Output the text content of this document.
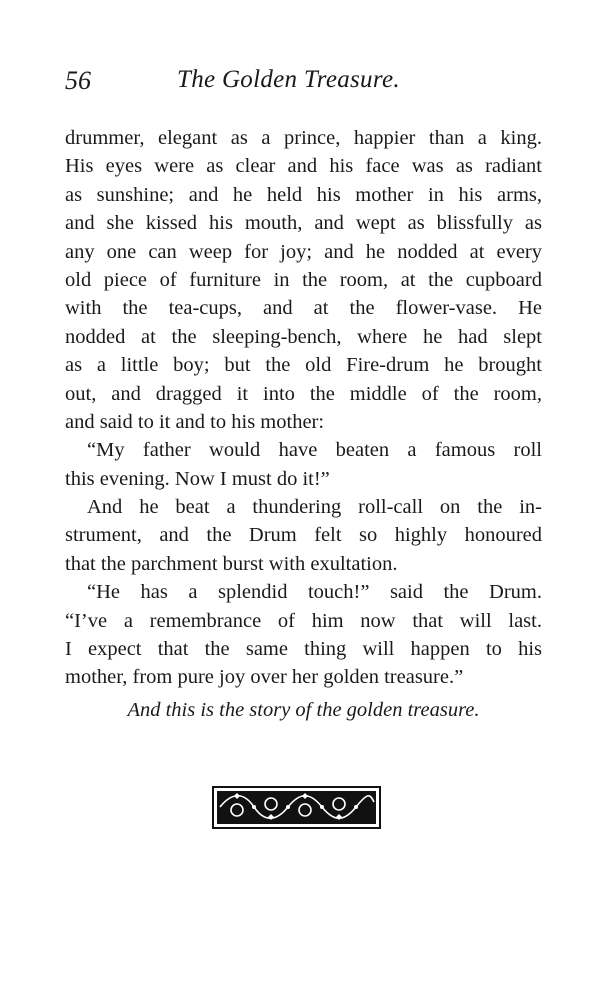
56	The Golden Treasure.
drummer, elegant as a prince, happier than a king.
His eyes were as clear and his face was as radiant
as sunshine; and he held his mother in his arms,
and she kissed his mouth, and wept as blissfully as
any one can weep for joy; and he nodded at every
old piece of furniture in the room, at the cupboard
with the tea-cups, and at the flower-vase. He
nodded at the sleeping-bench, where he had slept
as a little boy; but the old Fire-drum he brought
out, and dragged it into the middle of the room,
and said to it and to his mother:
“My father would have beaten a famous roll
this evening. Now I must do it!”
And he beat a thundering roll-call on the in-
strument, and the Drum felt so highly honoured
that the parchment burst with exultation.
“He has a splendid touch!” said the Drum.
“I’ve a remembrance of him now that will last.
I expect that the same thing will happen to his
mother, from pure joy over her golden treasure.”
And this is the story of the golden treasure.
